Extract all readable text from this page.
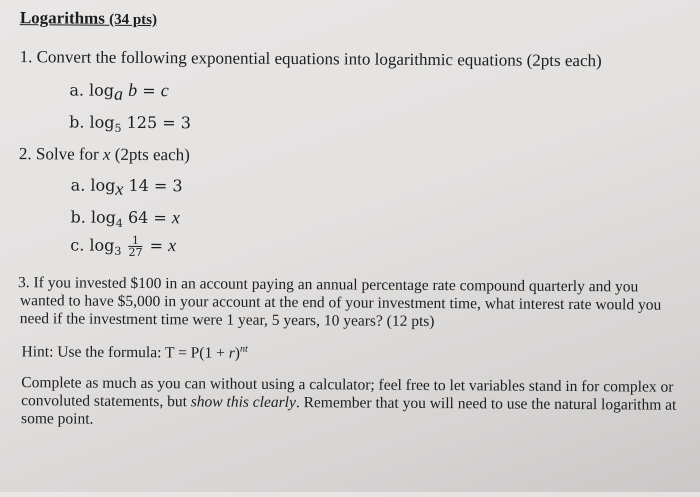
Logarithms (34 pts)
1. Convert the following exponential equations into logarithmic equations (2pts each)
a. $\log_a b = c$
b. $\log_5 125 = 3$
2. Solve for x (2pts each)
a. $\log_x 14 = 3$
b. $\log_4 64 = x$
c. $\log_3 \frac{1}{27} = x$
3. If you invested $100 in an account paying an annual percentage rate compound quarterly and you
wanted to have $5,000 in your account at the end of your investment time, what interest rate would you
need if the investment time were 1 year, 5 years, 10 years? (12 pts)
Hint: Use the formula: $T = P(1 + r)^{nt}$
Complete as much as you can without using a calculator; feel free to let variables stand in for complex or
convoluted statements, but show this clearly. Remember that you will need to use the natural logarithm at
some point.
